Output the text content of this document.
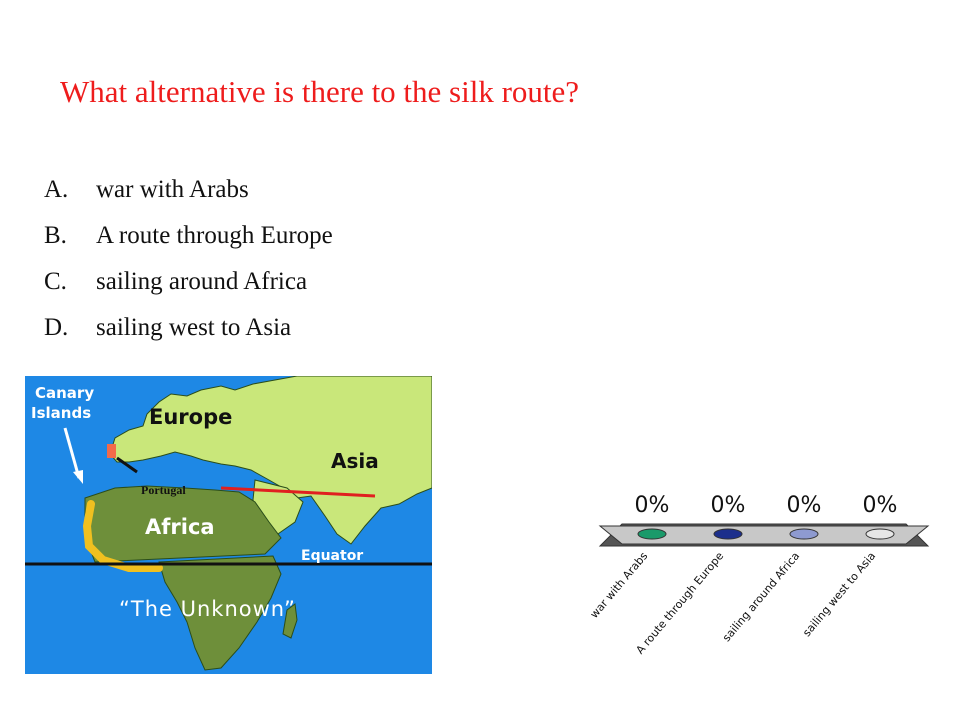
What alternative is there to the silk route?
A.	war with Arabs
B.	A route through Europe
C.	sailing around Africa
D.	sailing west to Asia
Canary
Islands	Europe
Asia
Portugal
Africa
Equator
“The Unknown”
0%
war with Arabs
0%
A route through Europe
0%
sailing around Africa
0%
sailing west to Asia
